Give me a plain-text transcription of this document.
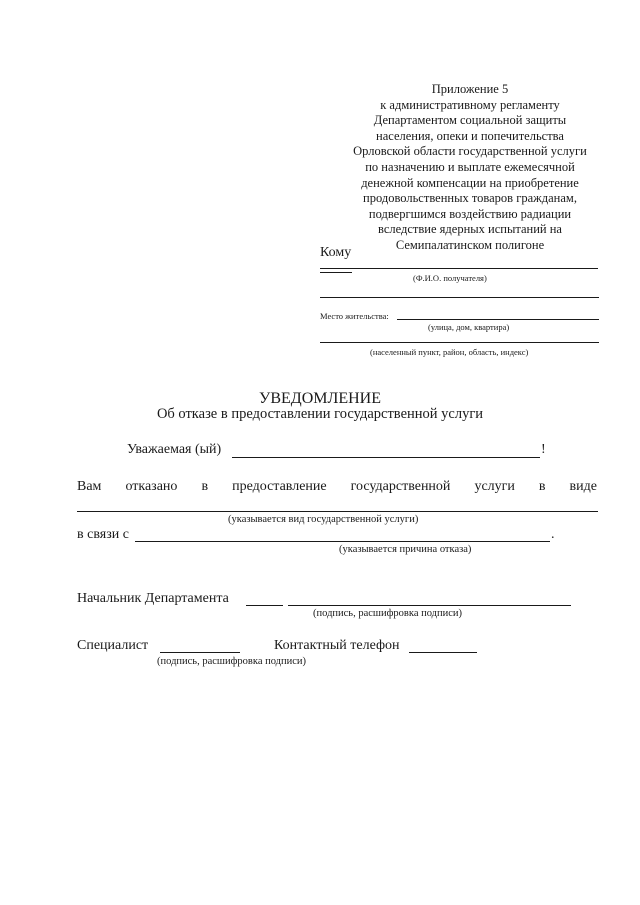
Приложение 5
к административному регламенту
Департаментом социальной защиты
населения, опеки и попечительства
Орловской области государственной услуги
по назначению и выплате ежемесячной
денежной компенсации на приобретение
продовольственных товаров гражданам,
подвергшимся воздействию радиации
вследствие ядерных испытаний на
Семипалатинском полигоне
Кому
(Ф.И.О. получателя)
Место жительства:
(улица, дом, квартира)
(населенный пункт, район, область, индекс)
УВЕДОМЛЕНИЕ
Об отказе в предоставлении государственной услуги
Уважаемая (ый)	!
Вам отказано в предоставление государственной услуги в виде
(указывается вид государственной услуги)
в связи с	.
(указывается причина отказа)
Начальник Департамента
(подпись, расшифровка подписи)
Специалист	Контактный телефон
(подпись, расшифровка подписи)
